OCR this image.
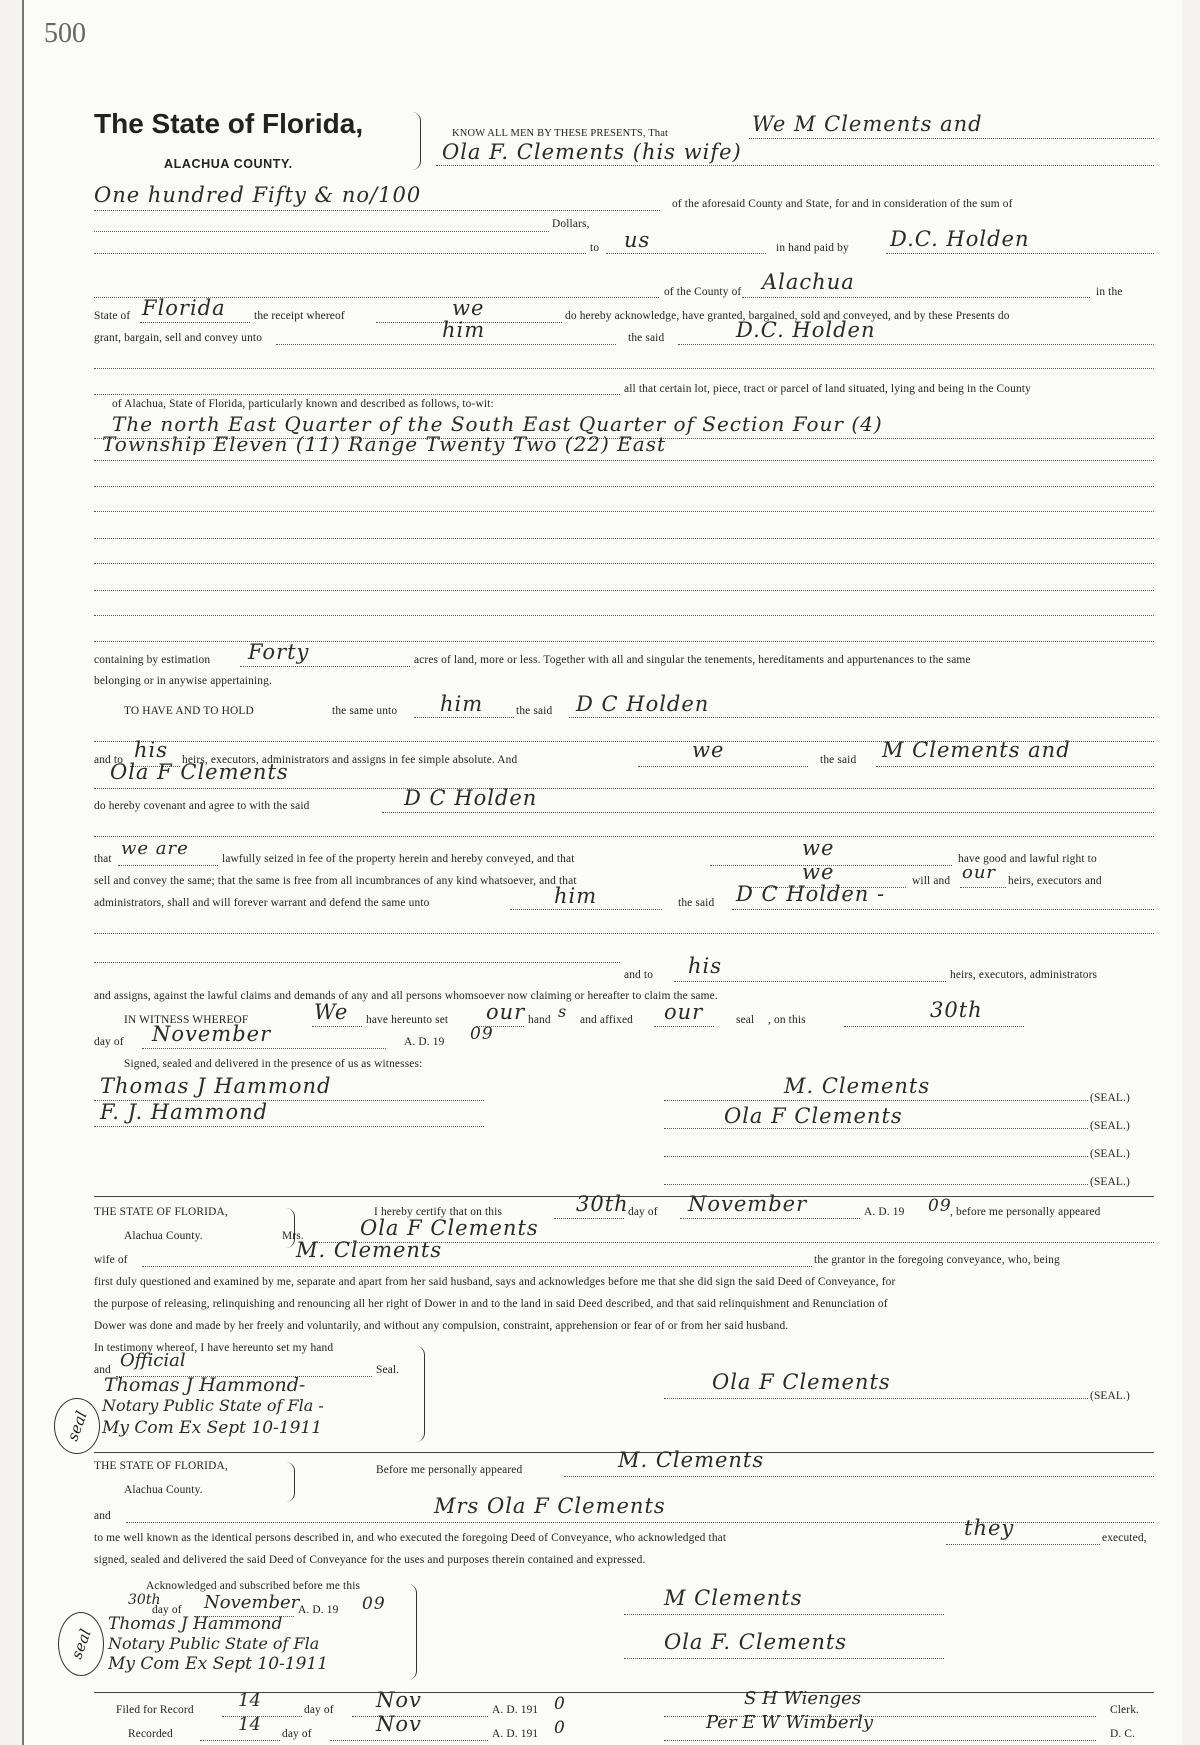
500
The State of Florida,
ALACHUA COUNTY.
KNOW ALL MEN BY THESE PRESENTS, That	We M Clements and
Ola F. Clements (his wife)
One hundred Fifty & no/100	of the aforesaid County and State, for and in consideration of the sum of
Dollars,
to us	in hand paid by D.C. Holden
of the County of Alachua	in the
State of Florida the receipt whereof	we	do hereby acknowledge, have granted, bargained, sold and conveyed, and by these Presents do
grant, bargain, sell and convey unto	him	the said	D.C. Holden
all that certain lot, piece, tract or parcel of land situated, lying and being in the County
of Alachua, State of Florida, particularly known and described as follows, to-wit:
The north East Quarter of the South East Quarter of Section Four (4)
Township Eleven (11) Range Twenty Two (22) East
containing by estimation Forty	acres of land, more or less. Together with all and singular the tenements, hereditaments and appurtenances to the same
belonging or in anywise appertaining.
TO HAVE AND TO HOLD	the same unto him	the said D C Holden
and to his heirs, executors, administrators and assigns in fee simple absolute. And	we	the said M Clements and
Ola F Clements
do hereby covenant and agree to with the said	D C Holden
that we are	lawfully seized in fee of the property herein and hereby conveyed, and that	we	have good and lawful right to
sell and convey the same; that the same is free from all incumbrances of any kind whatsoever, and that	we	will and our heirs, executors and
administrators, shall and will forever warrant and defend the same unto	him	the said D C Holden -
and to his	heirs, executors, administrators
and assigns, against the lawful claims and demands of any and all persons whomsoever now claiming or hereafter to claim the same.
IN WITNESS WHEREOF	We have hereunto set our hand s and affixed our	seal , on this	30th
day of November	A. D. 19 09
Signed, sealed and delivered in the presence of us as witnesses:
Thomas J Hammond
F. J. Hammond
M. Clements	(SEAL.)
Ola F Clements	(SEAL.)
(SEAL.)
(SEAL.)
THE STATE OF FLORIDA,
Alachua County.
I hereby certify that on this	30th day of November	A. D. 19 09
, before me personally appeared
Mrs.	Ola F Clements
wife of	M. Clements	the grantor in the foregoing conveyance, who, being
first duly questioned and examined by me, separate and apart from her said husband, says and acknowledges before me that she did sign the said Deed of Conveyance, for
the purpose of releasing, relinquishing and renouncing all her right of Dower in and to the land in said Deed described, and that said relinquishment and Renunciation of
Dower was done and made by her freely and voluntarily, and without any compulsion, constraint, apprehension or fear of or from her said husband.
In testimony whereof, I have hereunto set my hand
and Official	Seal.
Thomas J Hammond-
Notary Public State of Fla -
My Com Ex Sept 10-1911
seal
Ola F Clements
(SEAL.)
THE STATE OF FLORIDA,
Alachua County.
Before me personally appeared	M. Clements
and	Mrs Ola F Clements
to me well known as the identical persons described in, and who executed the foregoing Deed of Conveyance, who acknowledged that	they	executed,
signed, sealed and delivered the said Deed of Conveyance for the uses and purposes therein contained and expressed.
Acknowledged and subscribed before me this
30th
day of November
A. D. 19 09
Thomas J Hammond
Notary Public State of Fla
My Com Ex Sept 10-1911
seal
M Clements
Ola F. Clements
Filed for Record 14	day of Nov	A. D. 191 0	S H Wienges
Clerk.
Recorded	14 day of	Nov	A. D. 191 0	Per E W Wimberly
D. C.
